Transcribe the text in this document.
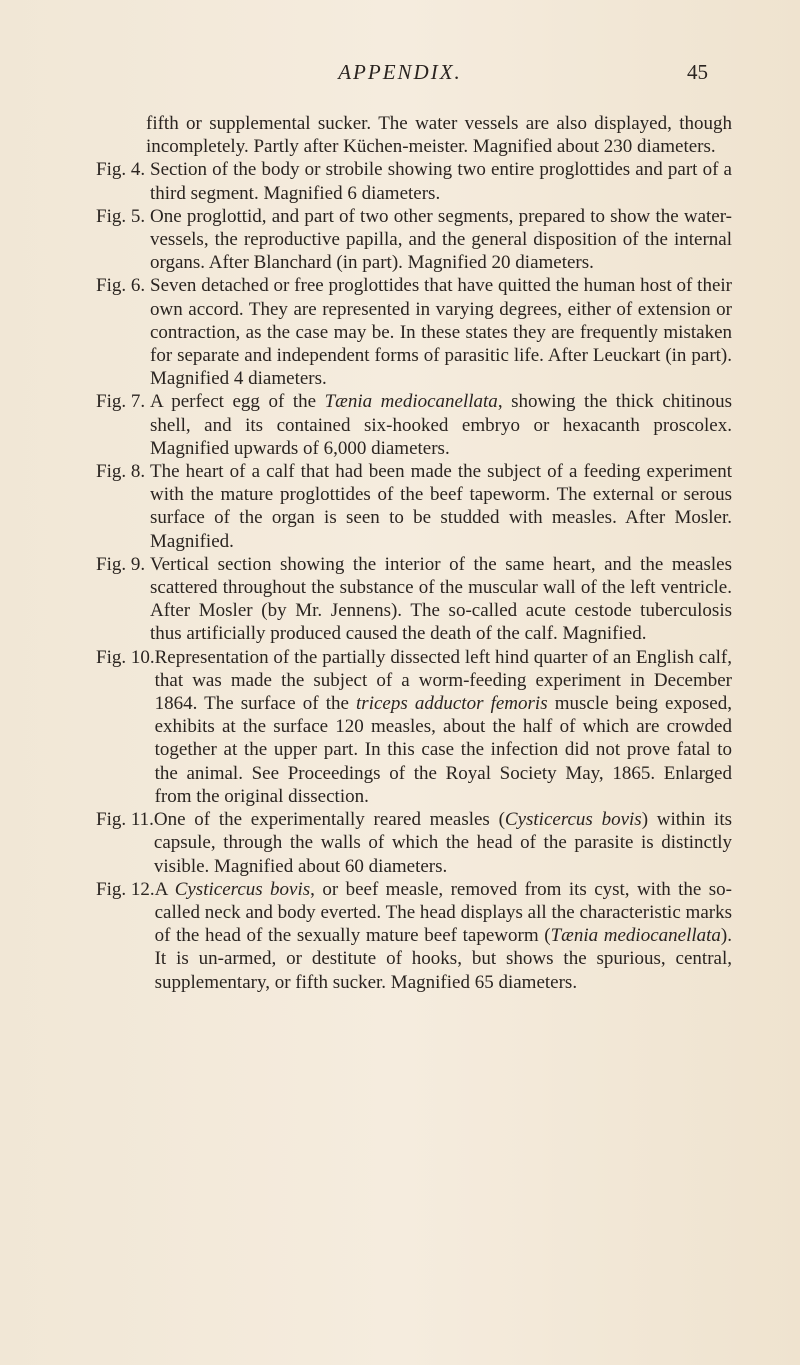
APPENDIX.	45

fifth or supplemental sucker. The water vessels are also displayed, though incompletely. Partly after Küchen-meister. Magnified about 230 diameters.

Fig. 4. Section of the body or strobile showing two entire proglottides and part of a third segment. Magnified 6 diameters.

Fig. 5. One proglottid, and part of two other segments, prepared to show the water-vessels, the reproductive papilla, and the general disposition of the internal organs. After Blanchard (in part). Magnified 20 diameters.

Fig. 6. Seven detached or free proglottides that have quitted the human host of their own accord. They are represented in varying degrees, either of extension or contraction, as the case may be. In these states they are frequently mistaken for separate and independent forms of parasitic life. After Leuckart (in part). Magnified 4 diameters.

Fig. 7. A perfect egg of the Tænia mediocanellata, showing the thick chitinous shell, and its contained six-hooked embryo or hexacanth proscolex. Magnified upwards of 6,000 diameters.

Fig. 8. The heart of a calf that had been made the subject of a feeding experiment with the mature proglottides of the beef tapeworm. The external or serous surface of the organ is seen to be studded with measles. After Mosler. Magnified.

Fig. 9. Vertical section showing the interior of the same heart, and the measles scattered throughout the substance of the muscular wall of the left ventricle. After Mosler (by Mr. Jennens). The so-called acute cestode tuberculosis thus artificially produced caused the death of the calf. Magnified.

Fig. 10. Representation of the partially dissected left hind quarter of an English calf, that was made the subject of a worm-feeding experiment in December 1864. The surface of the triceps adductor femoris muscle being exposed, exhibits at the surface 120 measles, about the half of which are crowded together at the upper part. In this case the infection did not prove fatal to the animal. See Proceedings of the Royal Society May, 1865. Enlarged from the original dissection.

Fig. 11. One of the experimentally reared measles (Cysticercus bovis) within its capsule, through the walls of which the head of the parasite is distinctly visible. Magnified about 60 diameters.

Fig. 12. A Cysticercus bovis, or beef measle, removed from its cyst, with the so-called neck and body everted. The head displays all the characteristic marks of the head of the sexually mature beef tapeworm (Tænia mediocanellata). It is un-armed, or destitute of hooks, but shows the spurious, central, supplementary, or fifth sucker. Magnified 65 diameters.
